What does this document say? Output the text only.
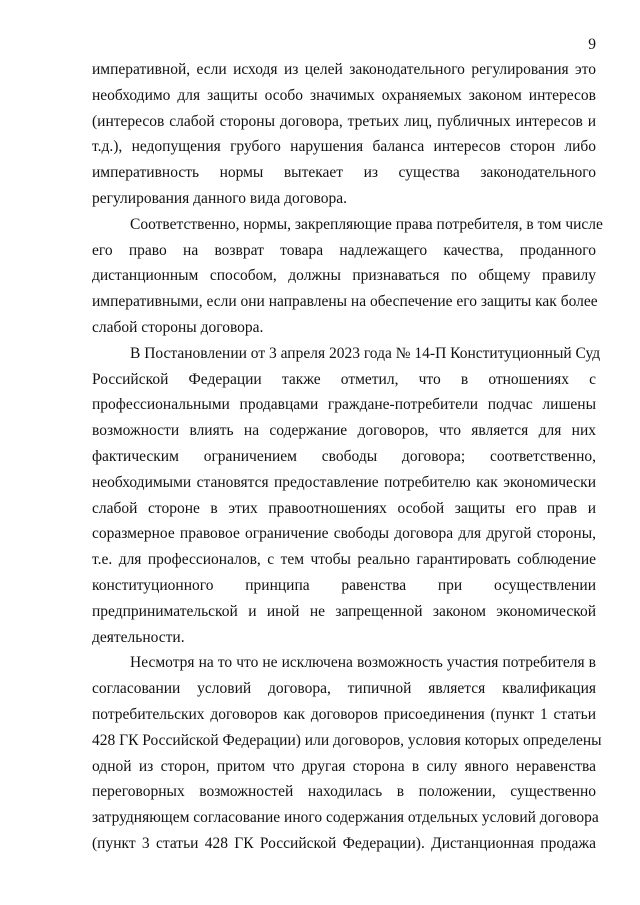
9
императивной, если исходя из целей законодательного регулирования это
необходимо для защиты особо значимых охраняемых законом интересов
(интересов слабой стороны договора, третьих лиц, публичных интересов и
т.д.), недопущения грубого нарушения баланса интересов сторон либо
императивность нормы вытекает из существа законодательного
регулирования данного вида договора.
Соответственно, нормы, закрепляющие права потребителя, в том числе
его право на возврат товара надлежащего качества, проданного
дистанционным способом, должны признаваться по общему правилу
императивными, если они направлены на обеспечение его защиты как более
слабой стороны договора.
В Постановлении от 3 апреля 2023 года № 14-П Конституционный Суд
Российской Федерации также отметил, что в отношениях с
профессиональными продавцами граждане-потребители подчас лишены
возможности влиять на содержание договоров, что является для них
фактическим ограничением свободы договора; соответственно,
необходимыми становятся предоставление потребителю как экономически
слабой стороне в этих правоотношениях особой защиты его прав и
соразмерное правовое ограничение свободы договора для другой стороны,
т.е. для профессионалов, с тем чтобы реально гарантировать соблюдение
конституционного принципа равенства при осуществлении
предпринимательской и иной не запрещенной законом экономической
деятельности.
Несмотря на то что не исключена возможность участия потребителя в
согласовании условий договора, типичной является квалификация
потребительских договоров как договоров присоединения (пункт 1 статьи
428 ГК Российской Федерации) или договоров, условия которых определены
одной из сторон, притом что другая сторона в силу явного неравенства
переговорных возможностей находилась в положении, существенно
затрудняющем согласование иного содержания отдельных условий договора
(пункт 3 статьи 428 ГК Российской Федерации). Дистанционная продажа
